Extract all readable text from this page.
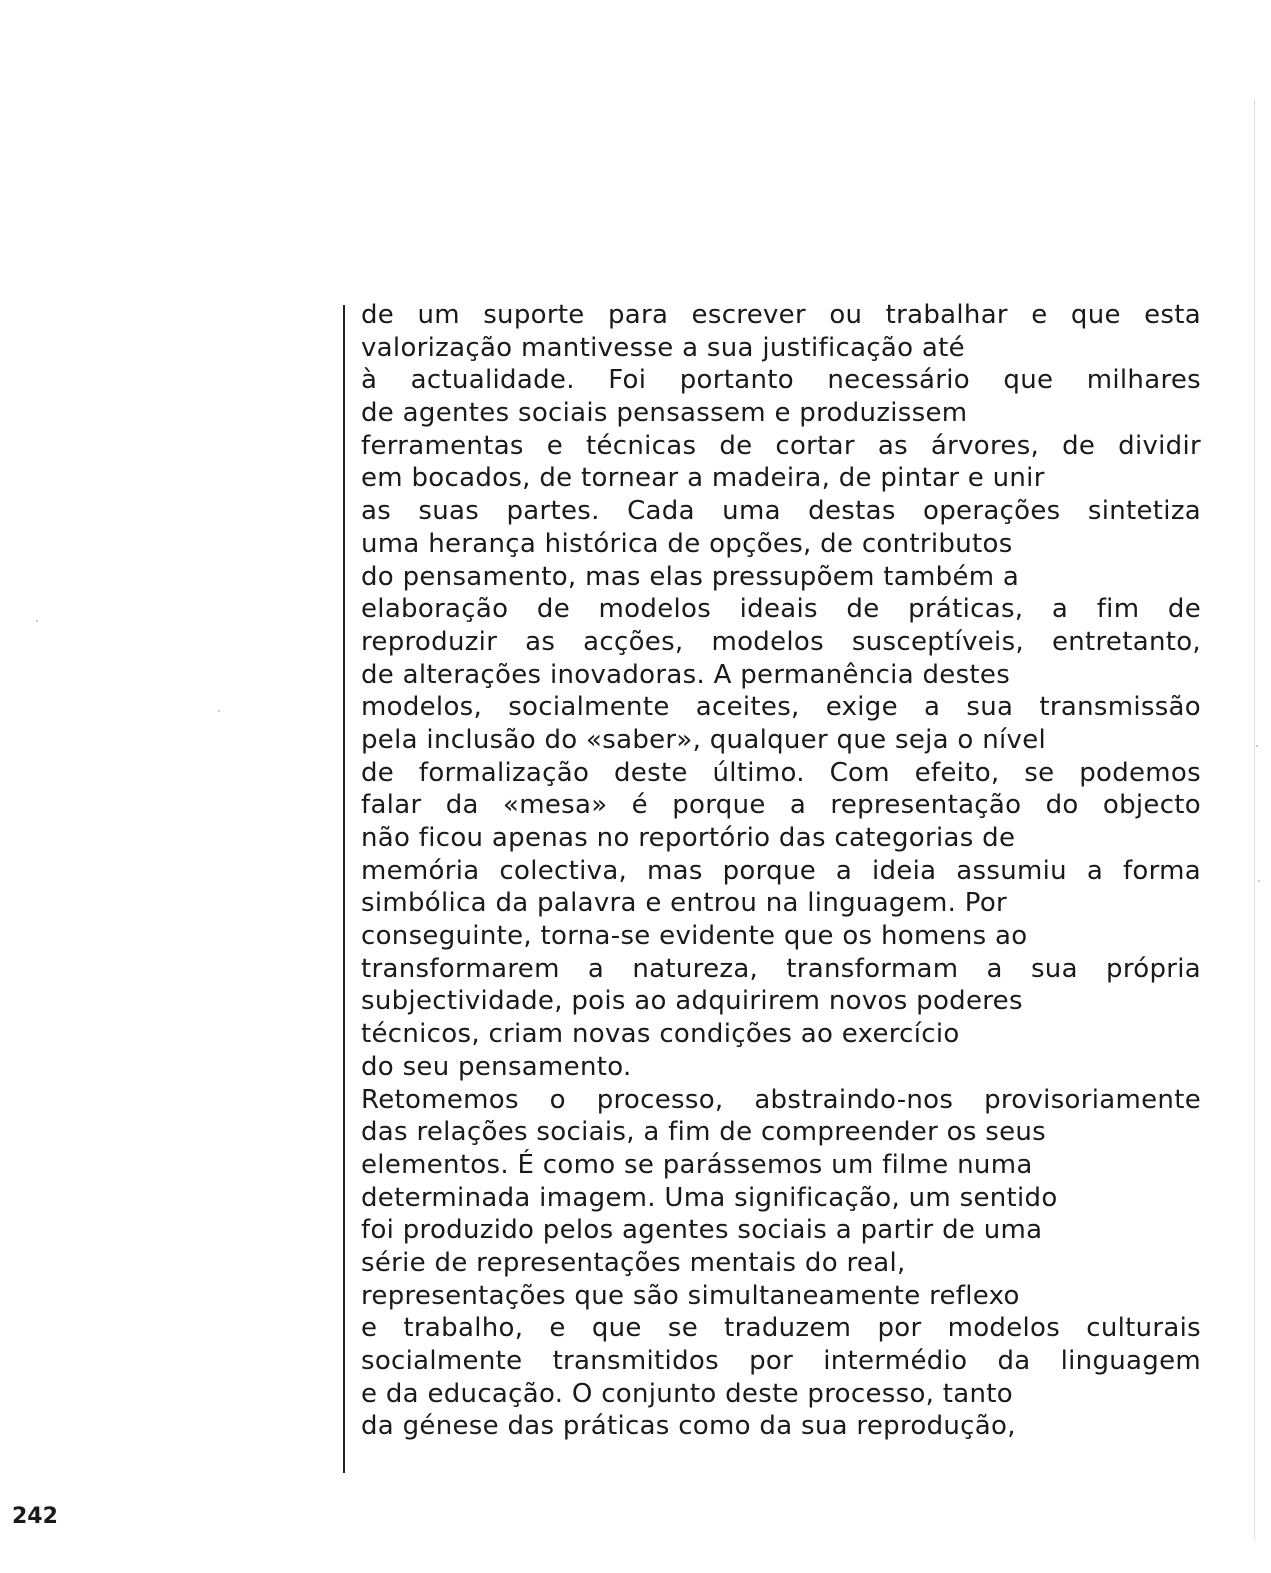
de um suporte para escrever ou trabalhar e que esta
valorização mantivesse a sua justificação até
à actualidade. Foi portanto necessário que milhares
de agentes sociais pensassem e produzissem
ferramentas e técnicas de cortar as árvores, de dividir
em bocados, de tornear a madeira, de pintar e unir
as suas partes. Cada uma destas operações sintetiza
uma herança histórica de opções, de contributos
do pensamento, mas elas pressupõem também a
elaboração de modelos ideais de práticas, a fim de
reproduzir as acções, modelos susceptíveis, entretanto,
de alterações inovadoras. A permanência destes
modelos, socialmente aceites, exige a sua transmissão
pela inclusão do «saber», qualquer que seja o nível
de formalização deste último. Com efeito, se podemos
falar da «mesa» é porque a representação do objecto
não ficou apenas no reportório das categorias de
memória colectiva, mas porque a ideia assumiu a forma
simbólica da palavra e entrou na linguagem. Por
conseguinte, torna-se evidente que os homens ao
transformarem a natureza, transformam a sua própria
subjectividade, pois ao adquirirem novos poderes
técnicos, criam novas condições ao exercício
do seu pensamento.
Retomemos o processo, abstraindo-nos provisoriamente
das relações sociais, a fim de compreender os seus
elementos. É como se parássemos um filme numa
determinada imagem. Uma significação, um sentido
foi produzido pelos agentes sociais a partir de uma
série de representações mentais do real,
representações que são simultaneamente reflexo
e trabalho, e que se traduzem por modelos culturais
socialmente transmitidos por intermédio da linguagem
e da educação. O conjunto deste processo, tanto
da génese das práticas como da sua reprodução,
242
